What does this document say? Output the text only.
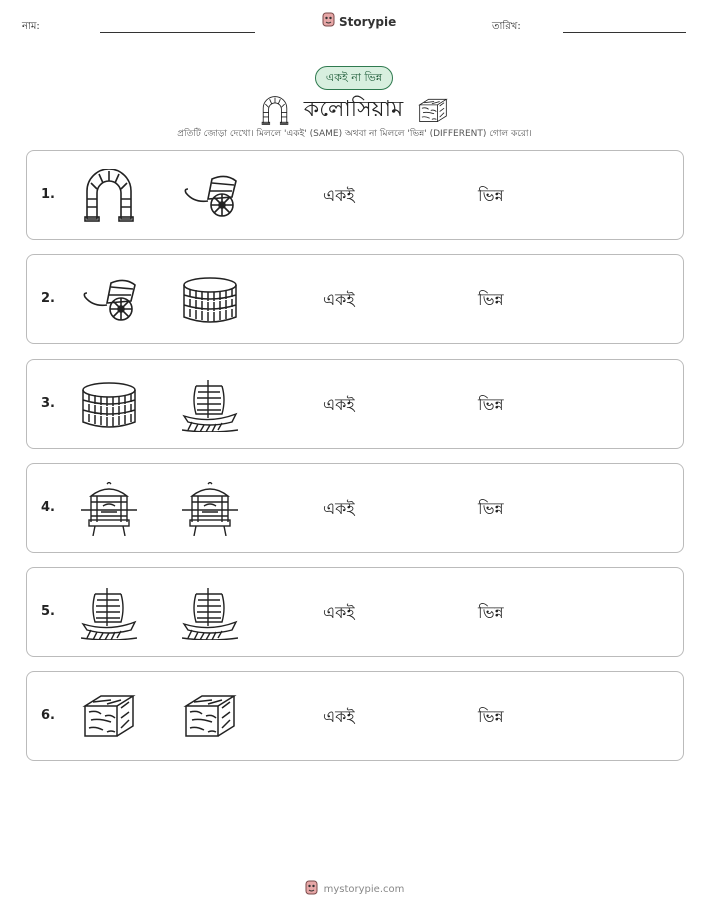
নাম:	Storypie	তারিখ:
একই না ভিন্ন
কলোসিয়াম
প্রতিটি জোড়া দেখো। মিললে 'একই' (SAME) অথবা না মিললে 'ভিন্ন' (DIFFERENT) গোল করো।
1.	একই	ভিন্ন
2.	একই	ভিন্ন
3.	একই	ভিন্ন
4.	একই	ভিন্ন
5.	একই	ভিন্ন
6.	একই	ভিন্ন
mystorypie.com
